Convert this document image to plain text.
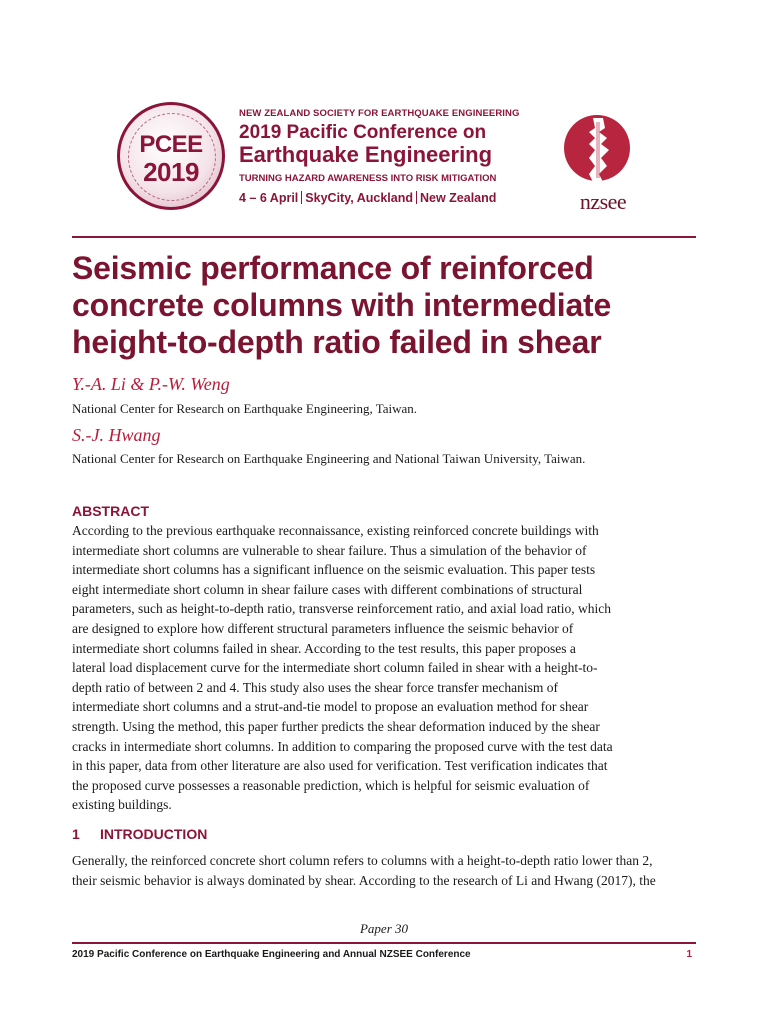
PCEE
2019
NEW ZEALAND SOCIETY FOR EARTHQUAKE ENGINEERING
2019 Pacific Conference on
Earthquake Engineering
TURNING HAZARD AWARENESS INTO RISK MITIGATION
4 – 6 April SkyCity, Auckland New Zealand	nzsee
Seismic performance of reinforced
concrete columns with intermediate
height-to-depth ratio failed in shear
Y.-A. Li & P.-W. Weng
National Center for Research on Earthquake Engineering, Taiwan.
S.-J. Hwang
National Center for Research on Earthquake Engineering and National Taiwan University, Taiwan.
ABSTRACT
According to the previous earthquake reconnaissance, existing reinforced concrete buildings with
intermediate short columns are vulnerable to shear failure. Thus a simulation of the behavior of
intermediate short columns has a significant influence on the seismic evaluation. This paper tests
eight intermediate short column in shear failure cases with different combinations of structural
parameters, such as height-to-depth ratio, transverse reinforcement ratio, and axial load ratio, which
are designed to explore how different structural parameters influence the seismic behavior of
intermediate short columns failed in shear. According to the test results, this paper proposes a
lateral load displacement curve for the intermediate short column failed in shear with a height-to-
depth ratio of between 2 and 4. This study also uses the shear force transfer mechanism of
intermediate short columns and a strut-and-tie model to propose an evaluation method for shear
strength. Using the method, this paper further predicts the shear deformation induced by the shear
cracks in intermediate short columns. In addition to comparing the proposed curve with the test data
in this paper, data from other literature are also used for verification. Test verification indicates that
the proposed curve possesses a reasonable prediction, which is helpful for seismic evaluation of
existing buildings.
1 INTRODUCTION
Generally, the reinforced concrete short column refers to columns with a height-to-depth ratio lower than 2,
their seismic behavior is always dominated by shear. According to the research of Li and Hwang (2017), the
Paper 30
2019 Pacific Conference on Earthquake Engineering and Annual NZSEE Conference	1
